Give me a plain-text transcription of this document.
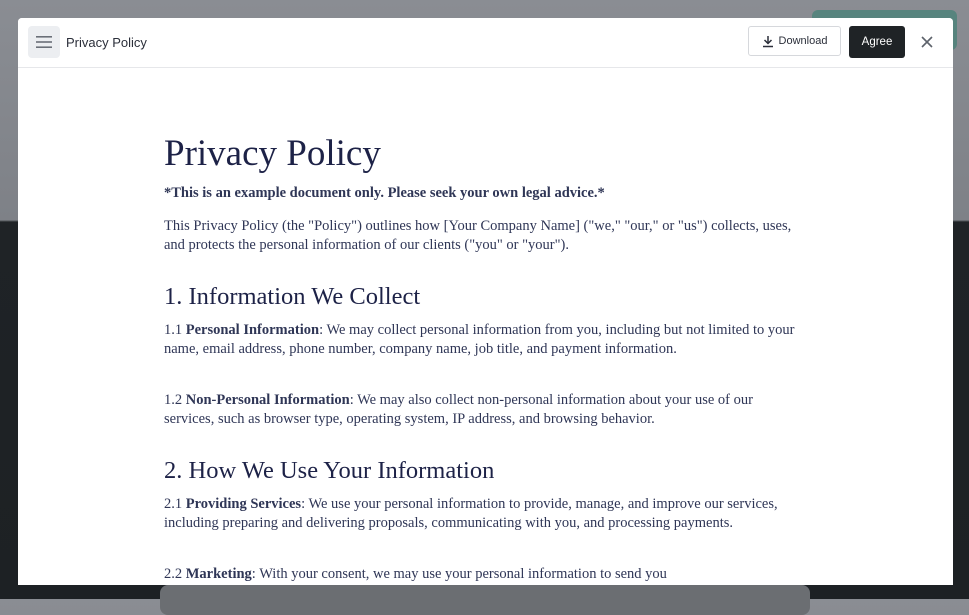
Privacy Policy	Download	Agree
Privacy Policy
*This is an example document only. Please seek your own legal advice.*

This Privacy Policy (the "Policy") outlines how [Your Company Name] ("we," "our," or "us") collects, uses, and protects the personal information of our clients ("you" or "your").

1. Information We Collect

1.1 Personal Information: We may collect personal information from you, including but not limited to your name, email address, phone number, company name, job title, and payment information.

1.2 Non-Personal Information: We may also collect non-personal information about your use of our services, such as browser type, operating system, IP address, and browsing behavior.

2. How We Use Your Information

2.1 Providing Services: We use your personal information to provide, manage, and improve our services, including preparing and delivering proposals, communicating with you, and processing payments.

2.2 Marketing: With your consent, we may use your personal information to send you
